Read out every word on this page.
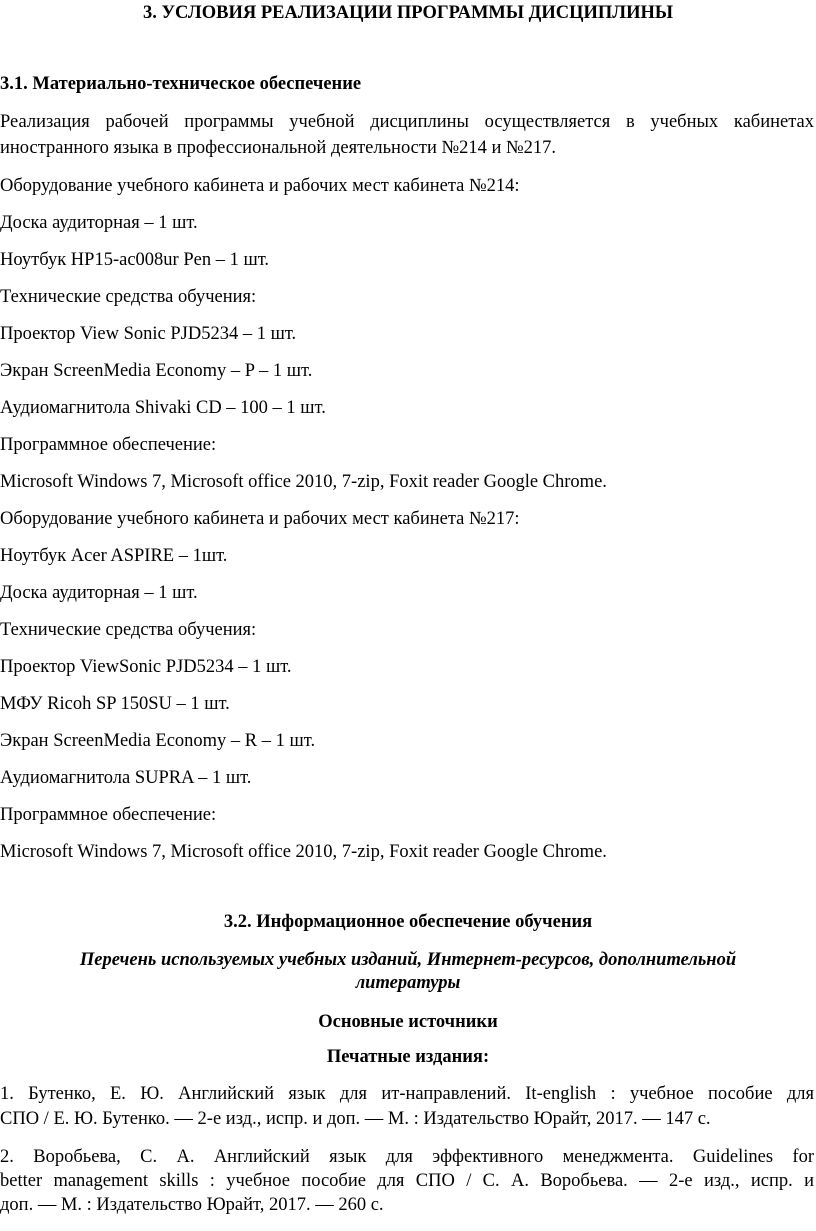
3. УСЛОВИЯ РЕАЛИЗАЦИИ ПРОГРАММЫ ДИСЦИПЛИНЫ
3.1. Материально-техническое обеспечение
Реализация рабочей программы учебной дисциплины осуществляется в учебных кабинетах
иностранного языка в профессиональной деятельности №214 и №217.
Оборудование учебного кабинета и рабочих мест кабинета №214:
Доска аудиторная – 1 шт.
Ноутбук HP15-ac008ur Pen – 1 шт.
Технические средства обучения:
Проектор View Sonic PJD5234 – 1 шт.
Экран ScreenMedia Economy – P – 1 шт.
Аудиомагнитола Shivaki CD – 100 – 1 шт.
Программное обеспечение:
Microsoft Windows 7, Microsoft office 2010, 7-zip, Foxit reader Google Chrome.
Оборудование учебного кабинета и рабочих мест кабинета №217:
Ноутбук Acer ASPIRE – 1шт.
Доска аудиторная – 1 шт.
Технические средства обучения:
Проектор ViewSonic PJD5234 – 1 шт.
МФУ Ricoh SP 150SU – 1 шт.
Экран ScreenMedia Economy – R – 1 шт.
Аудиомагнитола SUPRA – 1 шт.
Программное обеспечение:
Microsoft Windows 7, Microsoft office 2010, 7-zip, Foxit reader Google Chrome.
3.2. Информационное обеспечение обучения
Перечень используемых учебных изданий, Интернет-ресурсов, дополнительной
литературы
Основные источники
Печатные издания:
1. Бутенко, Е. Ю. Английский язык для ит-направлений. It-english : учебное пособие для
СПО / Е. Ю. Бутенко. — 2-е изд., испр. и доп. — М. : Издательство Юрайт, 2017. — 147 с.
2. Воробьева, С. А. Английский язык для эффективного менеджмента. Guidelines for
better management skills : учебное пособие для СПО / С. А. Воробьева. — 2-е изд., испр. и
доп. — М. : Издательство Юрайт, 2017. — 260 с.
